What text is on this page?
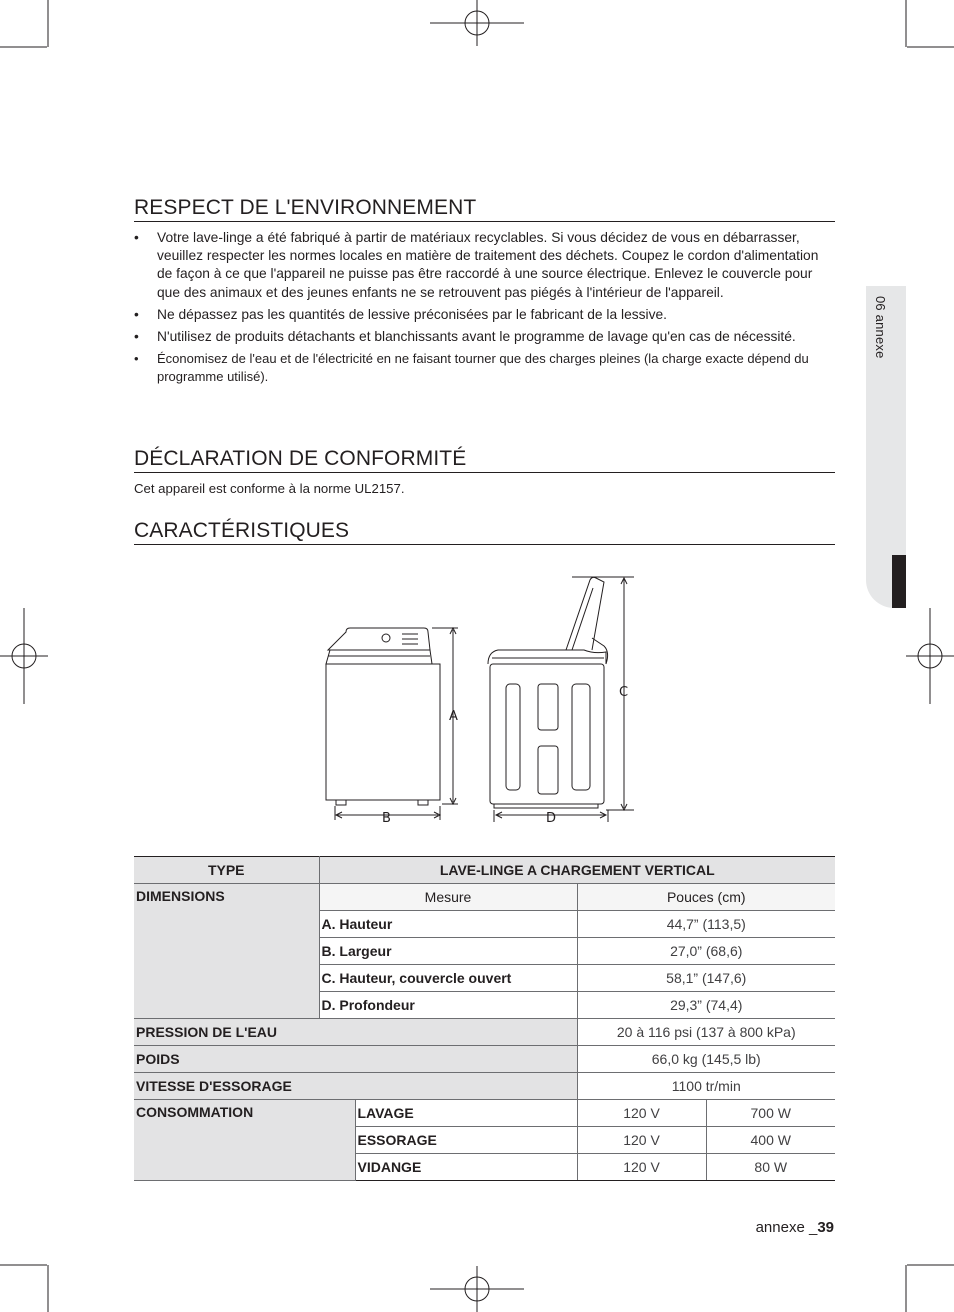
06 annexe
RESPECT DE L'ENVIRONNEMENT
• Votre lave-linge a été fabriqué à partir de matériaux recyclables. Si vous décidez de vous en débarrasser, veuillez respecter les normes locales en matière de traitement des déchets. Coupez le cordon d'alimentation de façon à ce que l'appareil ne puisse pas être raccordé à une source électrique. Enlevez le couvercle pour que des animaux et des jeunes enfants ne se retrouvent pas piégés à l'intérieur de l'appareil.
• Ne dépassez pas les quantités de lessive préconisées par le fabricant de la lessive.
• N'utilisez de produits détachants et blanchissants avant le programme de lavage qu'en cas de nécessité.
• Économisez de l'eau et de l'électricité en ne faisant tourner que des charges pleines (la charge exacte dépend du programme utilisé).
DÉCLARATION DE CONFORMITÉ

Cet appareil est conforme à la norme UL2157.

CARACTÉRISTIQUES
A
B
C
D
TYPE	LAVE-LINGE A CHARGEMENT VERTICAL			
DIMENSIONS	Mesure		Pouces (cm)	
	A. Hauteur		44,7” (113,5)	
	B. Largeur		27,0” (68,6)	
	C. Hauteur, couvercle ouvert		58,1” (147,6)	
	D. Profondeur		29,3” (74,4)	
PRESSION DE L'EAU			20 à 116 psi (137 à 800 kPa)	
POIDS			66,0 kg (145,5 lb)	
VITESSE D'ESSORAGE			1100 tr/min	
CONSOMMATION		LAVAGE	120 V	700 W
		ESSORAGE	120 V	400 W
		VIDANGE	120 V	80 W
annexe _39
